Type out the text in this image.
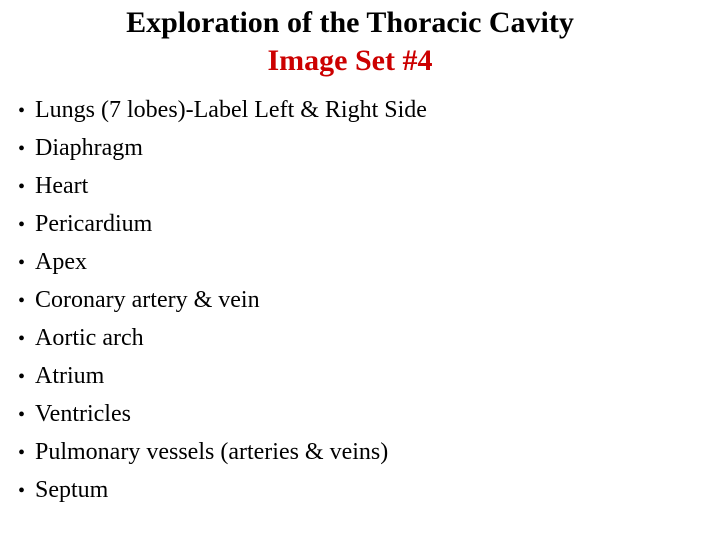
Exploration of the Thoracic Cavity
Image Set #4
• Lungs (7 lobes)-Label Left & Right Side
• Diaphragm
• Heart
• Pericardium
• Apex
• Coronary artery & vein
• Aortic arch
• Atrium
• Ventricles
• Pulmonary vessels (arteries & veins)
• Septum
